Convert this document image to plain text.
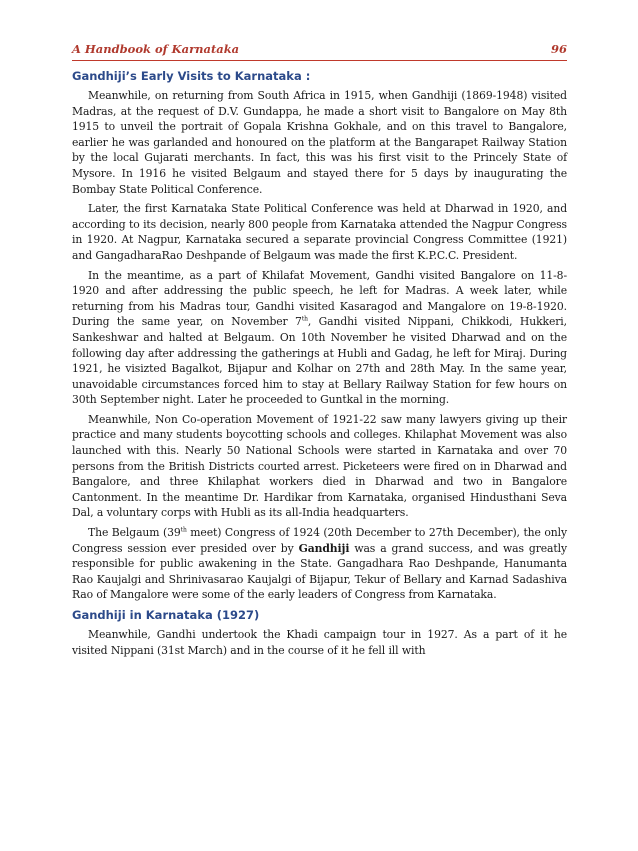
A Handbook of Karnataka	96
Gandhiji’s Early Visits to Karnataka :

Meanwhile, on returning from South Africa in 1915, when Gandhiji (1869-1948) visited Madras, at the request of D.V. Gundappa, he made a short visit to Bangalore on May 8th 1915 to unveil the portrait of Gopala Krishna Gokhale, and on this travel to Bangalore, earlier he was garlanded and honoured on the platform at the Bangarapet Railway Station by the local Gujarati merchants. In fact, this was his first visit to the Princely State of Mysore. In 1916 he visited Belgaum and stayed there for 5 days by inaugurating the Bombay State Political Conference.

Later, the first Karnataka State Political Conference was held at Dharwad in 1920, and according to its decision, nearly 800 people from Karnataka attended the Nagpur Congress in 1920. At Nagpur, Karnataka secured a separate provincial Congress Committee (1921) and GangadharaRao Deshpande of Belgaum was made the first K.P.C.C. President.

In the meantime, as a part of Khilafat Movement, Gandhi visited Bangalore on 11-8-1920 and after addressing the public speech, he left for Madras. A week later, while returning from his Madras tour, Gandhi visited Kasaragod and Mangalore on 19-8-1920. During the same year, on November 7th, Gandhi visited Nippani, Chikkodi, Hukkeri, Sankeshwar and halted at Belgaum. On 10th November he visited Dharwad and on the following day after addressing the gatherings at Hubli and Gadag, he left for Miraj. During 1921, he visizted Bagalkot, Bijapur and Kolhar on 27th and 28th May. In the same year, unavoidable circumstances forced him to stay at Bellary Railway Station for few hours on 30th September night. Later he proceeded to Guntkal in the morning.

Meanwhile, Non Co-operation Movement of 1921-22 saw many lawyers giving up their practice and many students boycotting schools and colleges. Khilaphat Movement was also launched with this. Nearly 50 National Schools were started in Karnataka and over 70 persons from the British Districts courted arrest. Picketeers were fired on in Dharwad and Bangalore, and three Khilaphat workers died in Dharwad and two in Bangalore Cantonment. In the meantime Dr. Hardikar from Karnataka, organised Hindusthani Seva Dal, a voluntary corps with Hubli as its all-India headquarters.

The Belgaum (39th meet) Congress of 1924 (20th December to 27th December), the only Congress session ever presided over by Gandhiji was a grand success, and was greatly responsible for public awakening in the State. Gangadhara Rao Deshpande, Hanumanta Rao Kaujalgi and Shrinivasarao Kaujalgi of Bijapur, Tekur of Bellary and Karnad Sadashiva Rao of Mangalore were some of the early leaders of Congress from Karnataka.

Gandhiji in Karnataka (1927)

Meanwhile, Gandhi undertook the Khadi campaign tour in 1927. As a part of it he visited Nippani (31st March) and in the course of it he fell ill with
